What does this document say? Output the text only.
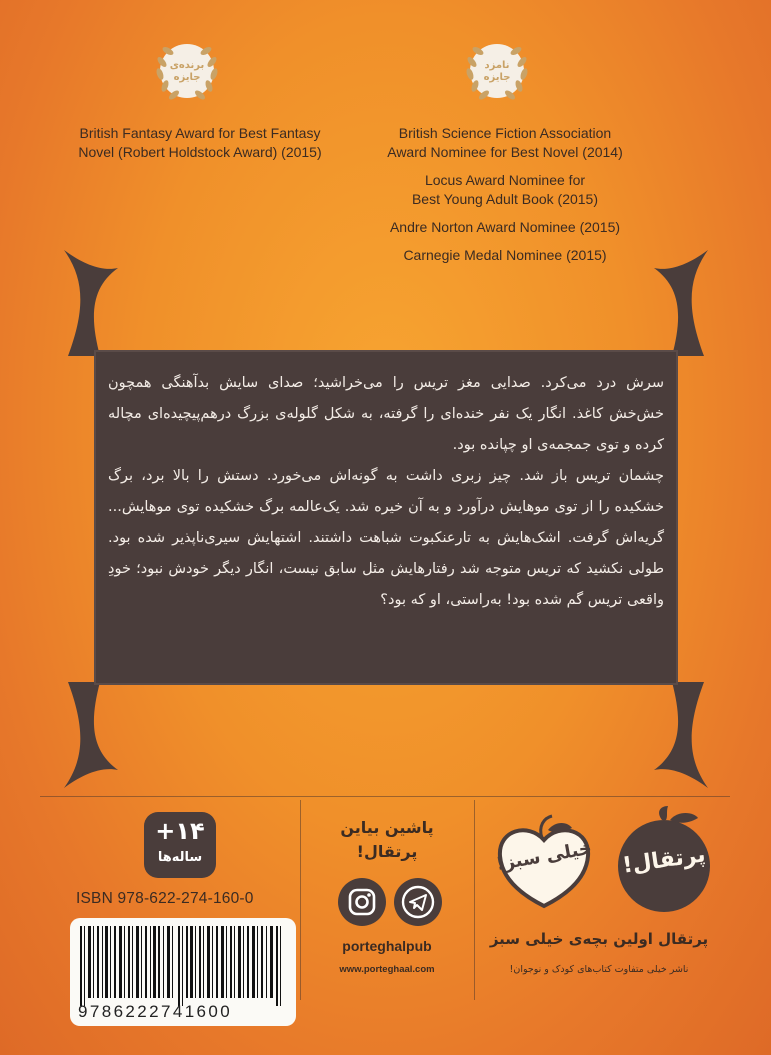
برنده‌ی جایزه
نامزد جایزه
British Fantasy Award for Best Fantasy
Novel (Robert Holdstock Award) (2015)
British Science Fiction Association
Award Nominee for Best Novel (2014)
Locus Award Nominee for
Best Young Adult Book (2015)
Andre Norton Award Nominee (2015)
Carnegie Medal Nominee (2015)

سرش درد می‌کرد. صدایی مغز تریس را می‌خراشید؛ صدای سایش بدآهنگی همچون خش‌خش کاغذ. انگار یک نفر خنده‌ای را گرفته، به شکل گلوله‌ی بزرگ درهم‌پیچیده‌ای مچاله کرده و توی جمجمه‌ی او چپانده بود.

چشمان تریس باز شد. چیز زبری داشت به گونه‌اش می‌خورد. دستش را بالا برد، برگ خشکیده را از توی موهایش درآورد و به آن خیره شد. یک‌عالمه برگ خشکیده توی موهایش... گریه‌اش گرفت. اشک‌هایش به تارعنکبوت شباهت داشتند. اشتهایش سیری‌ناپذیر شده بود. طولی نکشید که تریس متوجه شد رفتارهایش مثل سابق نیست، انگار دیگر خودش نبود؛ خودِ واقعی تریس گم شده بود! به‌راستی، او که بود؟

+۱۴
ساله‌ها
ISBN 978-622-274-160-0
9786222741600
پاشین بیاین
پرتقال!
porteghalpub
www.porteghaal.com
خیلی سبز!	پرتقال!
پرتقال اولین بچه‌ی خیلی سبز
ناشر خیلی متفاوت کتاب‌های کودک و نوجوان!
